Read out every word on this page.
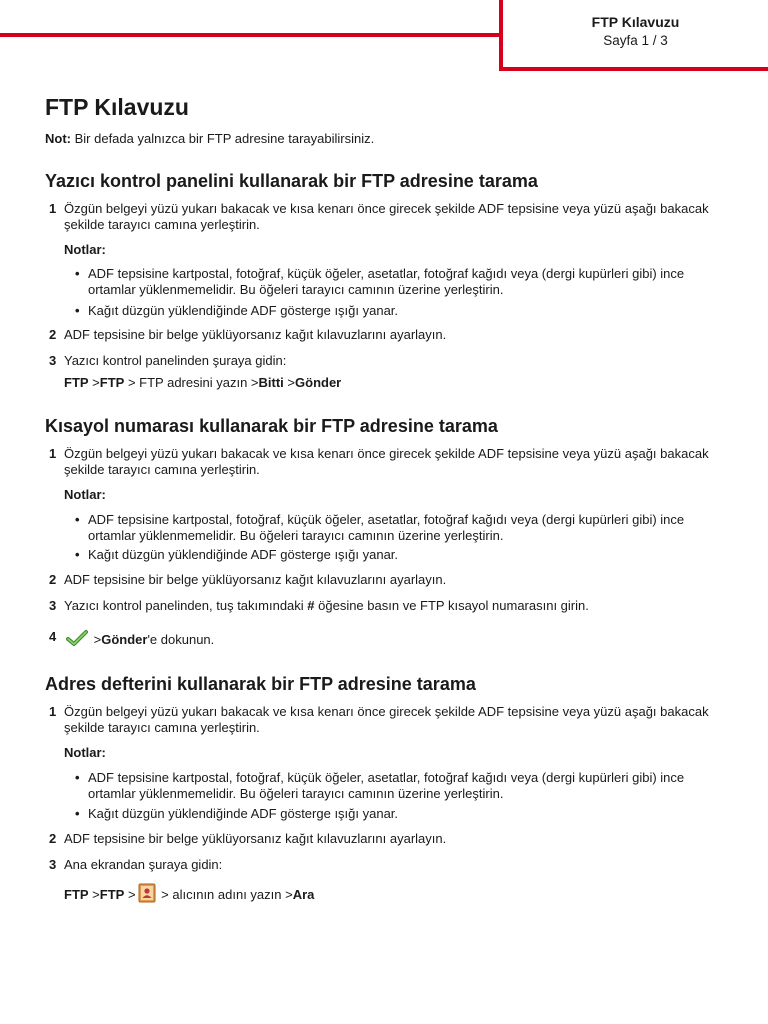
FTP Kılavuzu
Sayfa 1 / 3
FTP Kılavuzu
Not: Bir defada yalnızca bir FTP adresine tarayabilirsiniz.
Yazıcı kontrol panelini kullanarak bir FTP adresine tarama
1 Özgün belgeyi yüzü yukarı bakacak ve kısa kenarı önce girecek şekilde ADF tepsisine veya yüzü aşağı bakacak şekilde tarayıcı camına yerleştirin.
Notlar:
• ADF tepsisine kartpostal, fotoğraf, küçük öğeler, asetatlar, fotoğraf kağıdı veya (dergi kupürleri gibi) ince ortamlar yüklenmemelidir. Bu öğeleri tarayıcı camının üzerine yerleştirin.
• Kağıt düzgün yüklendiğinde ADF gösterge ışığı yanar.
2 ADF tepsisine bir belge yüklüyorsanız kağıt kılavuzlarını ayarlayın.
3 Yazıcı kontrol panelinden şuraya gidin:
FTP >FTP > FTP adresini yazın >Bitti >Gönder
Kısayol numarası kullanarak bir FTP adresine tarama
1 Özgün belgeyi yüzü yukarı bakacak ve kısa kenarı önce girecek şekilde ADF tepsisine veya yüzü aşağı bakacak şekilde tarayıcı camına yerleştirin.
Notlar:
• ADF tepsisine kartpostal, fotoğraf, küçük öğeler, asetatlar, fotoğraf kağıdı veya (dergi kupürleri gibi) ince ortamlar yüklenmemelidir. Bu öğeleri tarayıcı camının üzerine yerleştirin.
• Kağıt düzgün yüklendiğinde ADF gösterge ışığı yanar.
2 ADF tepsisine bir belge yüklüyorsanız kağıt kılavuzlarını ayarlayın.
3 Yazıcı kontrol panelinden, tuş takımındaki # öğesine basın ve FTP kısayol numarasını girin.
4	>Gönder'e dokunun.
Adres defterini kullanarak bir FTP adresine tarama
1 Özgün belgeyi yüzü yukarı bakacak ve kısa kenarı önce girecek şekilde ADF tepsisine veya yüzü aşağı bakacak şekilde tarayıcı camına yerleştirin.
Notlar:
• ADF tepsisine kartpostal, fotoğraf, küçük öğeler, asetatlar, fotoğraf kağıdı veya (dergi kupürleri gibi) ince ortamlar yüklenmemelidir. Bu öğeleri tarayıcı camının üzerine yerleştirin.
• Kağıt düzgün yüklendiğinde ADF gösterge ışığı yanar.
2 ADF tepsisine bir belge yüklüyorsanız kağıt kılavuzlarını ayarlayın.
3 Ana ekrandan şuraya gidin:
FTP >FTP > > alıcının adını yazın >Ara
